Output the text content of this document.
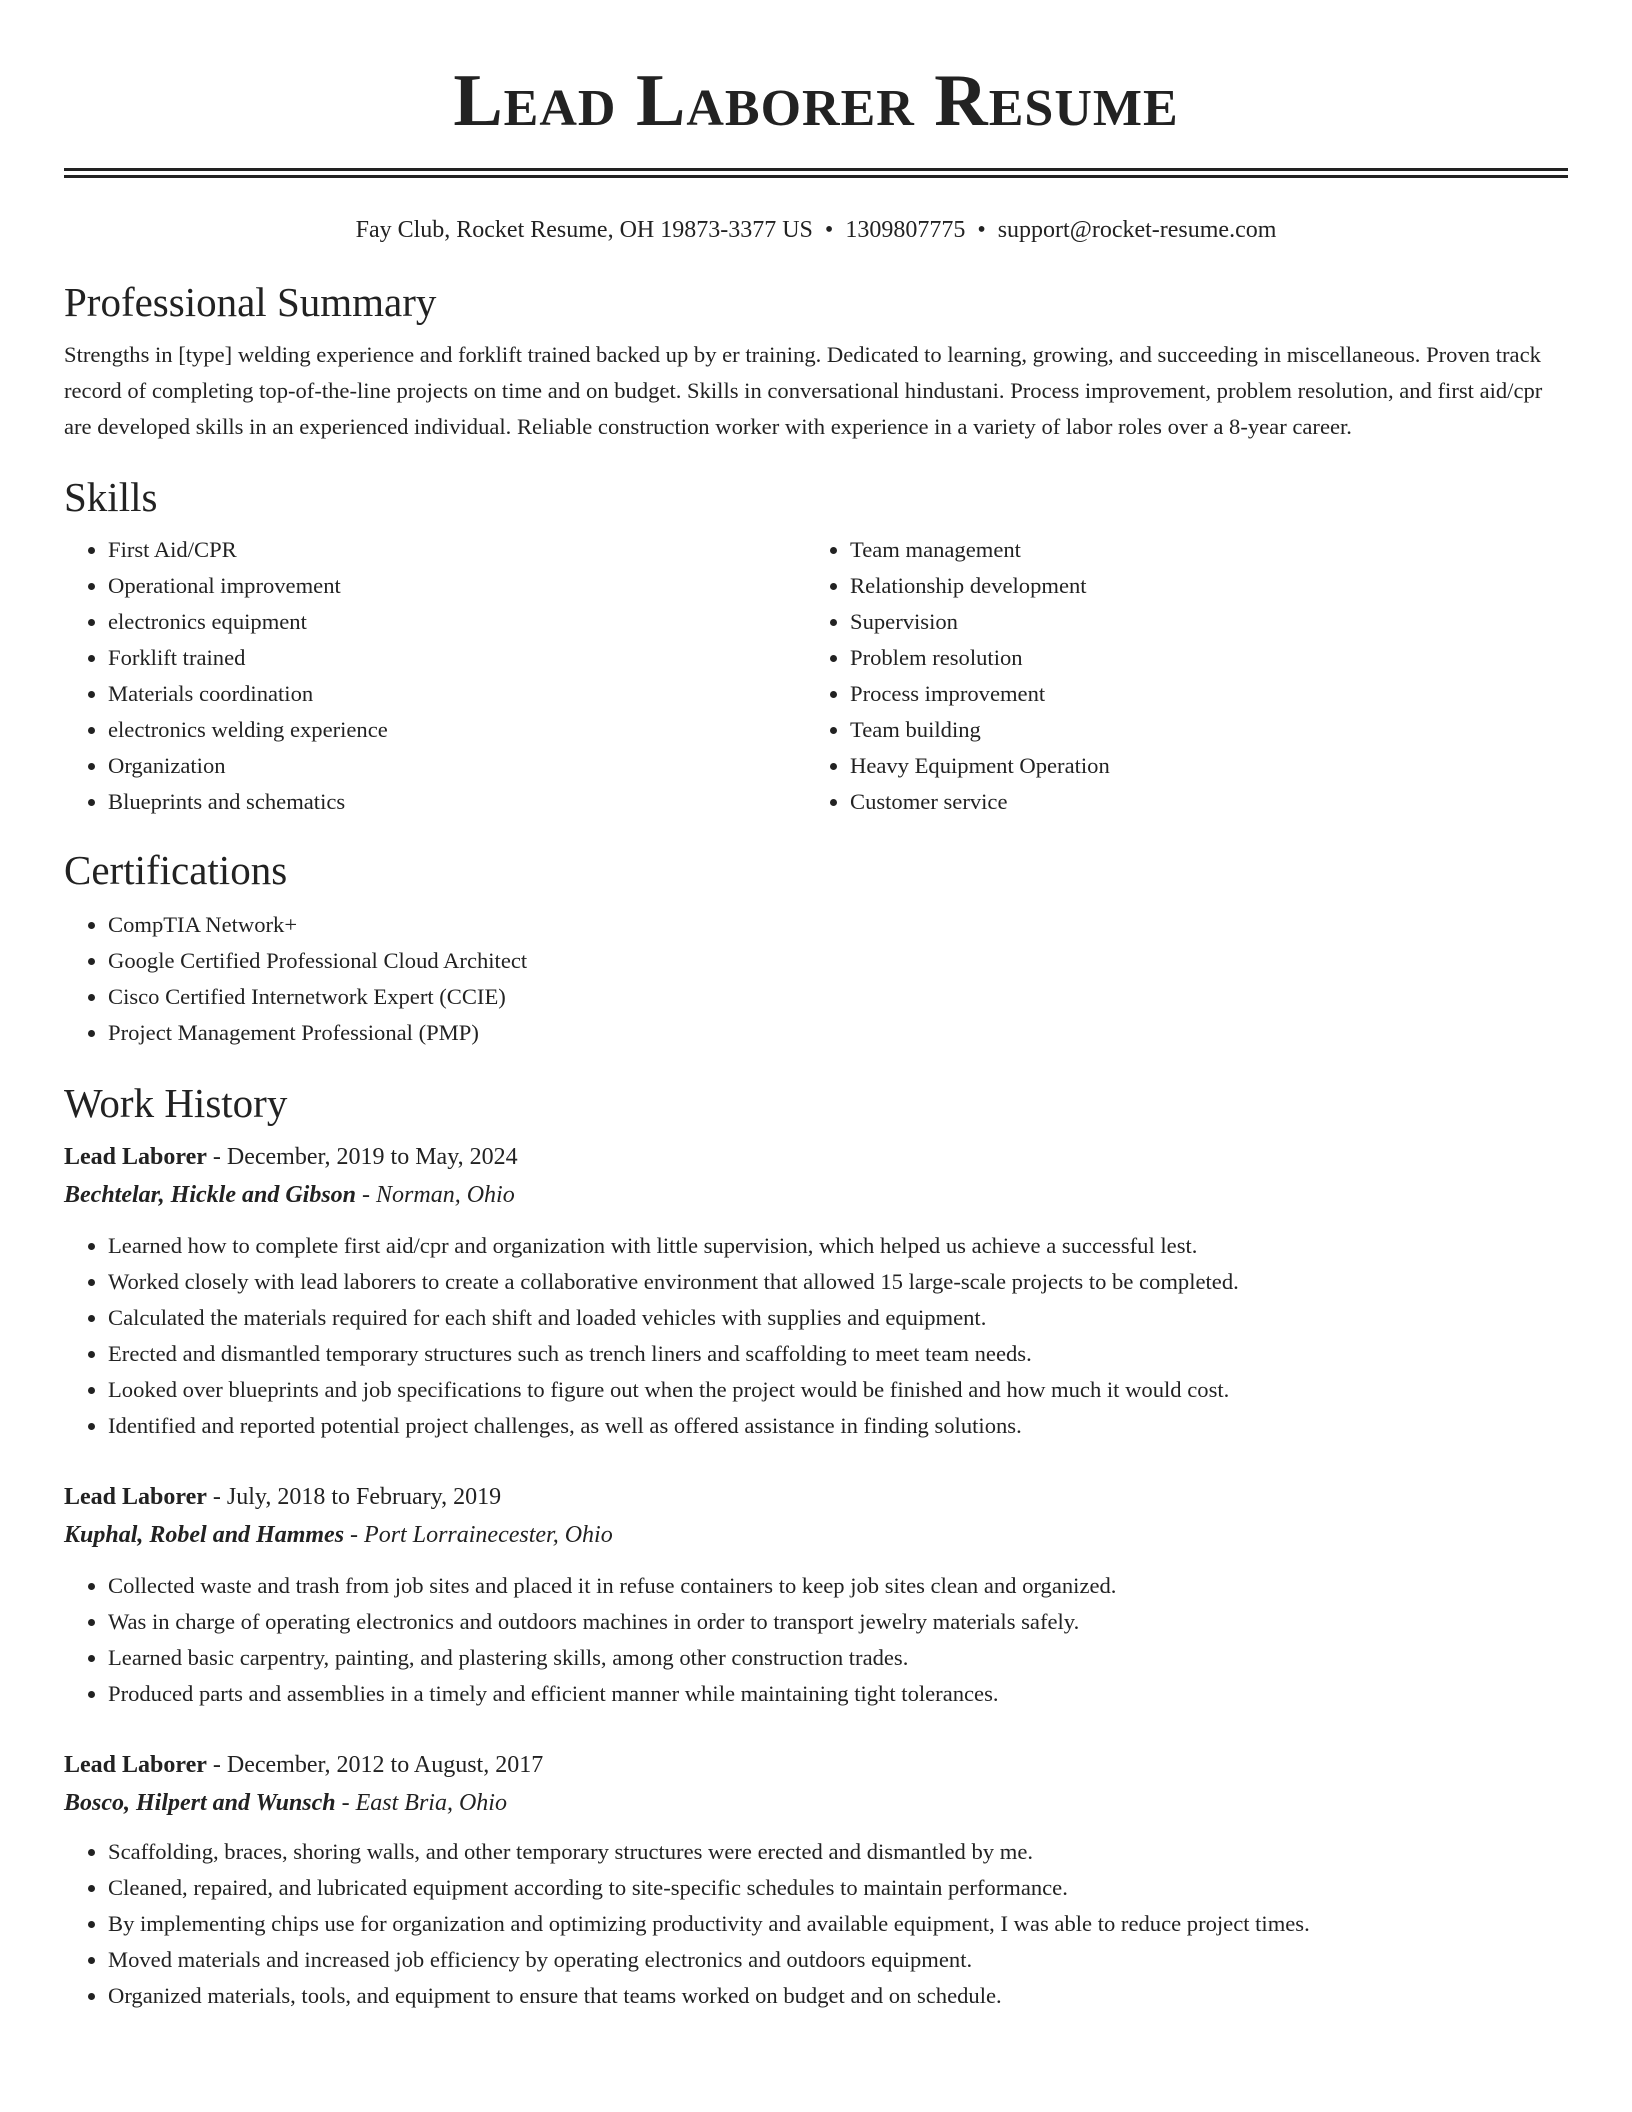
Lead Laborer Resume
Fay Club, Rocket Resume, OH 19873-3377 US • 1309807775 • support@rocket-resume.com
Professional Summary

Strengths in [type] welding experience and forklift trained backed up by er training. Dedicated to learning, growing, and succeeding in miscellaneous. Proven track record of completing top-of-the-line projects on time and on budget. Skills in conversational hindustani. Process improvement, problem resolution, and first aid/cpr are developed skills in an experienced individual. Reliable construction worker with experience in a variety of labor roles over a 8-year career.

Skills
• First Aid/CPR
• Operational improvement
• electronics equipment
• Forklift trained
• Materials coordination
• electronics welding experience
• Organization
• Blueprints and schematics
• Team management
• Relationship development
• Supervision
• Problem resolution
• Process improvement
• Team building
• Heavy Equipment Operation
• Customer service
Certifications
• CompTIA Network+
• Google Certified Professional Cloud Architect
• Cisco Certified Internetwork Expert (CCIE)
• Project Management Professional (PMP)
Work History
Lead Laborer - December, 2019 to May, 2024
Bechtelar, Hickle and Gibson - Norman, Ohio
• Learned how to complete first aid/cpr and organization with little supervision, which helped us achieve a successful lest.
• Worked closely with lead laborers to create a collaborative environment that allowed 15 large-scale projects to be completed.
• Calculated the materials required for each shift and loaded vehicles with supplies and equipment.
• Erected and dismantled temporary structures such as trench liners and scaffolding to meet team needs.
• Looked over blueprints and job specifications to figure out when the project would be finished and how much it would cost.
• Identified and reported potential project challenges, as well as offered assistance in finding solutions.
Lead Laborer - July, 2018 to February, 2019
Kuphal, Robel and Hammes - Port Lorrainecester, Ohio
• Collected waste and trash from job sites and placed it in refuse containers to keep job sites clean and organized.
• Was in charge of operating electronics and outdoors machines in order to transport jewelry materials safely.
• Learned basic carpentry, painting, and plastering skills, among other construction trades.
• Produced parts and assemblies in a timely and efficient manner while maintaining tight tolerances.
Lead Laborer - December, 2012 to August, 2017
Bosco, Hilpert and Wunsch - East Bria, Ohio
• Scaffolding, braces, shoring walls, and other temporary structures were erected and dismantled by me.
• Cleaned, repaired, and lubricated equipment according to site-specific schedules to maintain performance.
• By implementing chips use for organization and optimizing productivity and available equipment, I was able to reduce project times.
• Moved materials and increased job efficiency by operating electronics and outdoors equipment.
• Organized materials, tools, and equipment to ensure that teams worked on budget and on schedule.
